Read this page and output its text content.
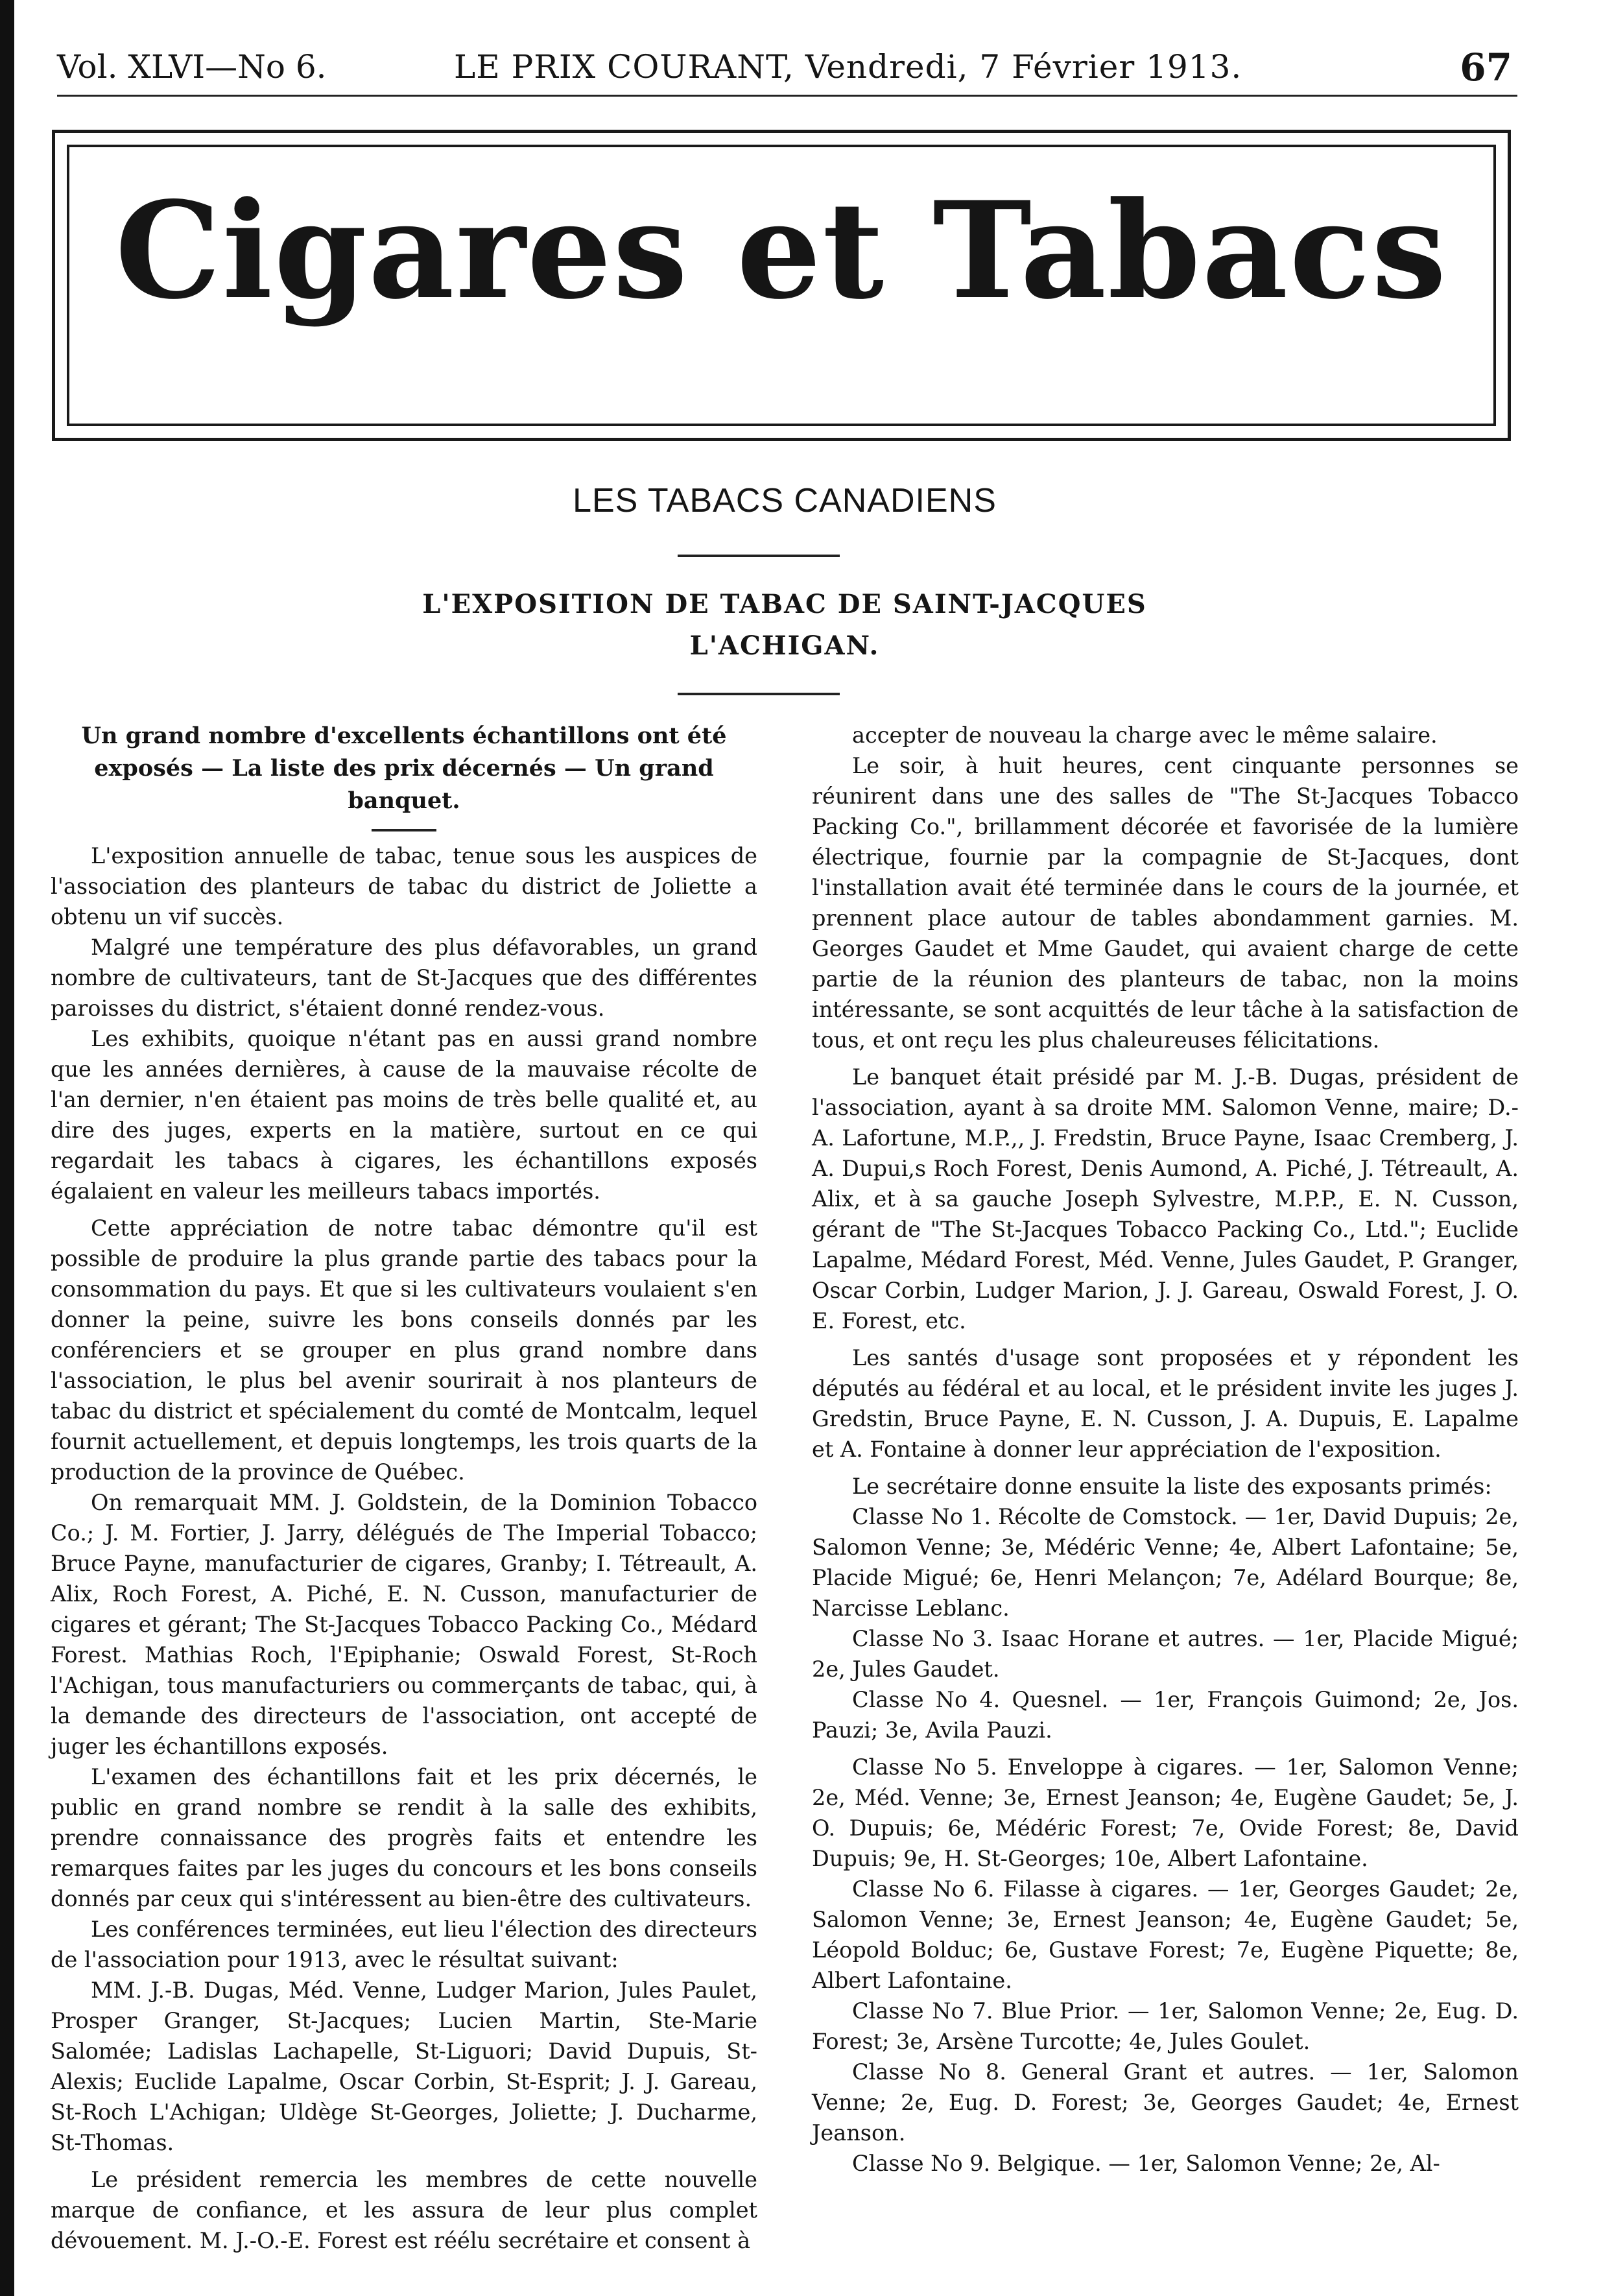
Vol. XLVI—No 6.	LE PRIX COURANT, Vendredi, 7 Février 1913.	67
Cigares et Tabacs
LES TABACS CANADIENS
L'EXPOSITION DE TABAC DE SAINT-JACQUES
L'ACHIGAN.
Un grand nombre d'excellents échantillons ont été exposés — La liste des prix décernés — Un grand banquet.

L'exposition annuelle de tabac, tenue sous les auspices de l'association des planteurs de tabac du district de Joliette a obtenu un vif succès.

Malgré une température des plus défavorables, un grand nombre de cultivateurs, tant de St-Jacques que des différentes paroisses du district, s'étaient donné rendez-vous.

Les exhibits, quoique n'étant pas en aussi grand nombre que les années dernières, à cause de la mauvaise récolte de l'an dernier, n'en étaient pas moins de très belle qualité et, au dire des juges, experts en la matière, surtout en ce qui regardait les tabacs à cigares, les échantillons exposés égalaient en valeur les meilleurs tabacs importés.

Cette appréciation de notre tabac démontre qu'il est possible de produire la plus grande partie des tabacs pour la consommation du pays. Et que si les cultivateurs voulaient s'en donner la peine, suivre les bons conseils donnés par les conférenciers et se grouper en plus grand nombre dans l'association, le plus bel avenir sourirait à nos planteurs de tabac du district et spécialement du comté de Montcalm, lequel fournit actuellement, et depuis longtemps, les trois quarts de la production de la province de Québec.

On remarquait MM. J. Goldstein, de la Dominion Tobacco Co.; J. M. Fortier, J. Jarry, délégués de The Imperial Tobacco; Bruce Payne, manufacturier de cigares, Granby; I. Tétreault, A. Alix, Roch Forest, A. Piché, E. N. Cusson, manufacturier de cigares et gérant; The St-Jacques Tobacco Packing Co., Médard Forest. Mathias Roch, l'Epiphanie; Oswald Forest, St-Roch l'Achigan, tous manufacturiers ou commerçants de tabac, qui, à la demande des directeurs de l'association, ont accepté de juger les échantillons exposés.

L'examen des échantillons fait et les prix décernés, le public en grand nombre se rendit à la salle des exhibits, prendre connaissance des progrès faits et entendre les remarques faites par les juges du concours et les bons conseils donnés par ceux qui s'intéressent au bien-être des cultivateurs.

Les conférences terminées, eut lieu l'élection des directeurs de l'association pour 1913, avec le résultat suivant:

MM. J.-B. Dugas, Méd. Venne, Ludger Marion, Jules Paulet, Prosper Granger, St-Jacques; Lucien Martin, Ste-Marie Salomée; Ladislas Lachapelle, St-Liguori; David Dupuis, St-Alexis; Euclide Lapalme, Oscar Corbin, St-Esprit; J. J. Gareau, St-Roch L'Achigan; Uldège St-Georges, Joliette; J. Ducharme, St-Thomas.

Le président remercia les membres de cette nouvelle marque de confiance, et les assura de leur plus complet dévouement. M. J.-O.-E. Forest est réélu secrétaire et consent à

accepter de nouveau la charge avec le même salaire.

Le soir, à huit heures, cent cinquante personnes se réunirent dans une des salles de "The St-Jacques Tobacco Packing Co.", brillamment décorée et favorisée de la lumière électrique, fournie par la compagnie de St-Jacques, dont l'installation avait été terminée dans le cours de la journée, et prennent place autour de tables abondamment garnies. M. Georges Gaudet et Mme Gaudet, qui avaient charge de cette partie de la réunion des planteurs de tabac, non la moins intéressante, se sont acquittés de leur tâche à la satisfaction de tous, et ont reçu les plus chaleureuses félicitations.

Le banquet était présidé par M. J.-B. Dugas, président de l'association, ayant à sa droite MM. Salomon Venne, maire; D.-A. Lafortune, M.P.,, J. Fredstin, Bruce Payne, Isaac Cremberg, J. A. Dupui,s Roch Forest, Denis Aumond, A. Piché, J. Tétreault, A. Alix, et à sa gauche Joseph Sylvestre, M.P.P., E. N. Cusson, gérant de "The St-Jacques Tobacco Packing Co., Ltd."; Euclide Lapalme, Médard Forest, Méd. Venne, Jules Gaudet, P. Granger, Oscar Corbin, Ludger Marion, J. J. Gareau, Oswald Forest, J. O. E. Forest, etc.

Les santés d'usage sont proposées et y répondent les députés au fédéral et au local, et le président invite les juges J. Gredstin, Bruce Payne, E. N. Cusson, J. A. Dupuis, E. Lapalme et A. Fontaine à donner leur appréciation de l'exposition.

Le secrétaire donne ensuite la liste des exposants primés:

Classe No 1. Récolte de Comstock. — 1er, David Dupuis; 2e, Salomon Venne; 3e, Médéric Venne; 4e, Albert Lafontaine; 5e, Placide Migué; 6e, Henri Melançon; 7e, Adélard Bourque; 8e, Narcisse Leblanc.

Classe No 3. Isaac Horane et autres. — 1er, Placide Migué; 2e, Jules Gaudet.

Classe No 4. Quesnel. — 1er, François Guimond; 2e, Jos. Pauzi; 3e, Avila Pauzi.

Classe No 5. Enveloppe à cigares. — 1er, Salomon Venne; 2e, Méd. Venne; 3e, Ernest Jeanson; 4e, Eugène Gaudet; 5e, J. O. Dupuis; 6e, Médéric Forest; 7e, Ovide Forest; 8e, David Dupuis; 9e, H. St-Georges; 10e, Albert Lafontaine.

Classe No 6. Filasse à cigares. — 1er, Georges Gaudet; 2e, Salomon Venne; 3e, Ernest Jeanson; 4e, Eugène Gaudet; 5e, Léopold Bolduc; 6e, Gustave Forest; 7e, Eugène Piquette; 8e, Albert Lafontaine.

Classe No 7. Blue Prior. — 1er, Salomon Venne; 2e, Eug. D. Forest; 3e, Arsène Turcotte; 4e, Jules Goulet.

Classe No 8. General Grant et autres. — 1er, Salomon Venne; 2e, Eug. D. Forest; 3e, Georges Gaudet; 4e, Ernest Jeanson.

Classe No 9. Belgique. — 1er, Salomon Venne; 2e, Al-
